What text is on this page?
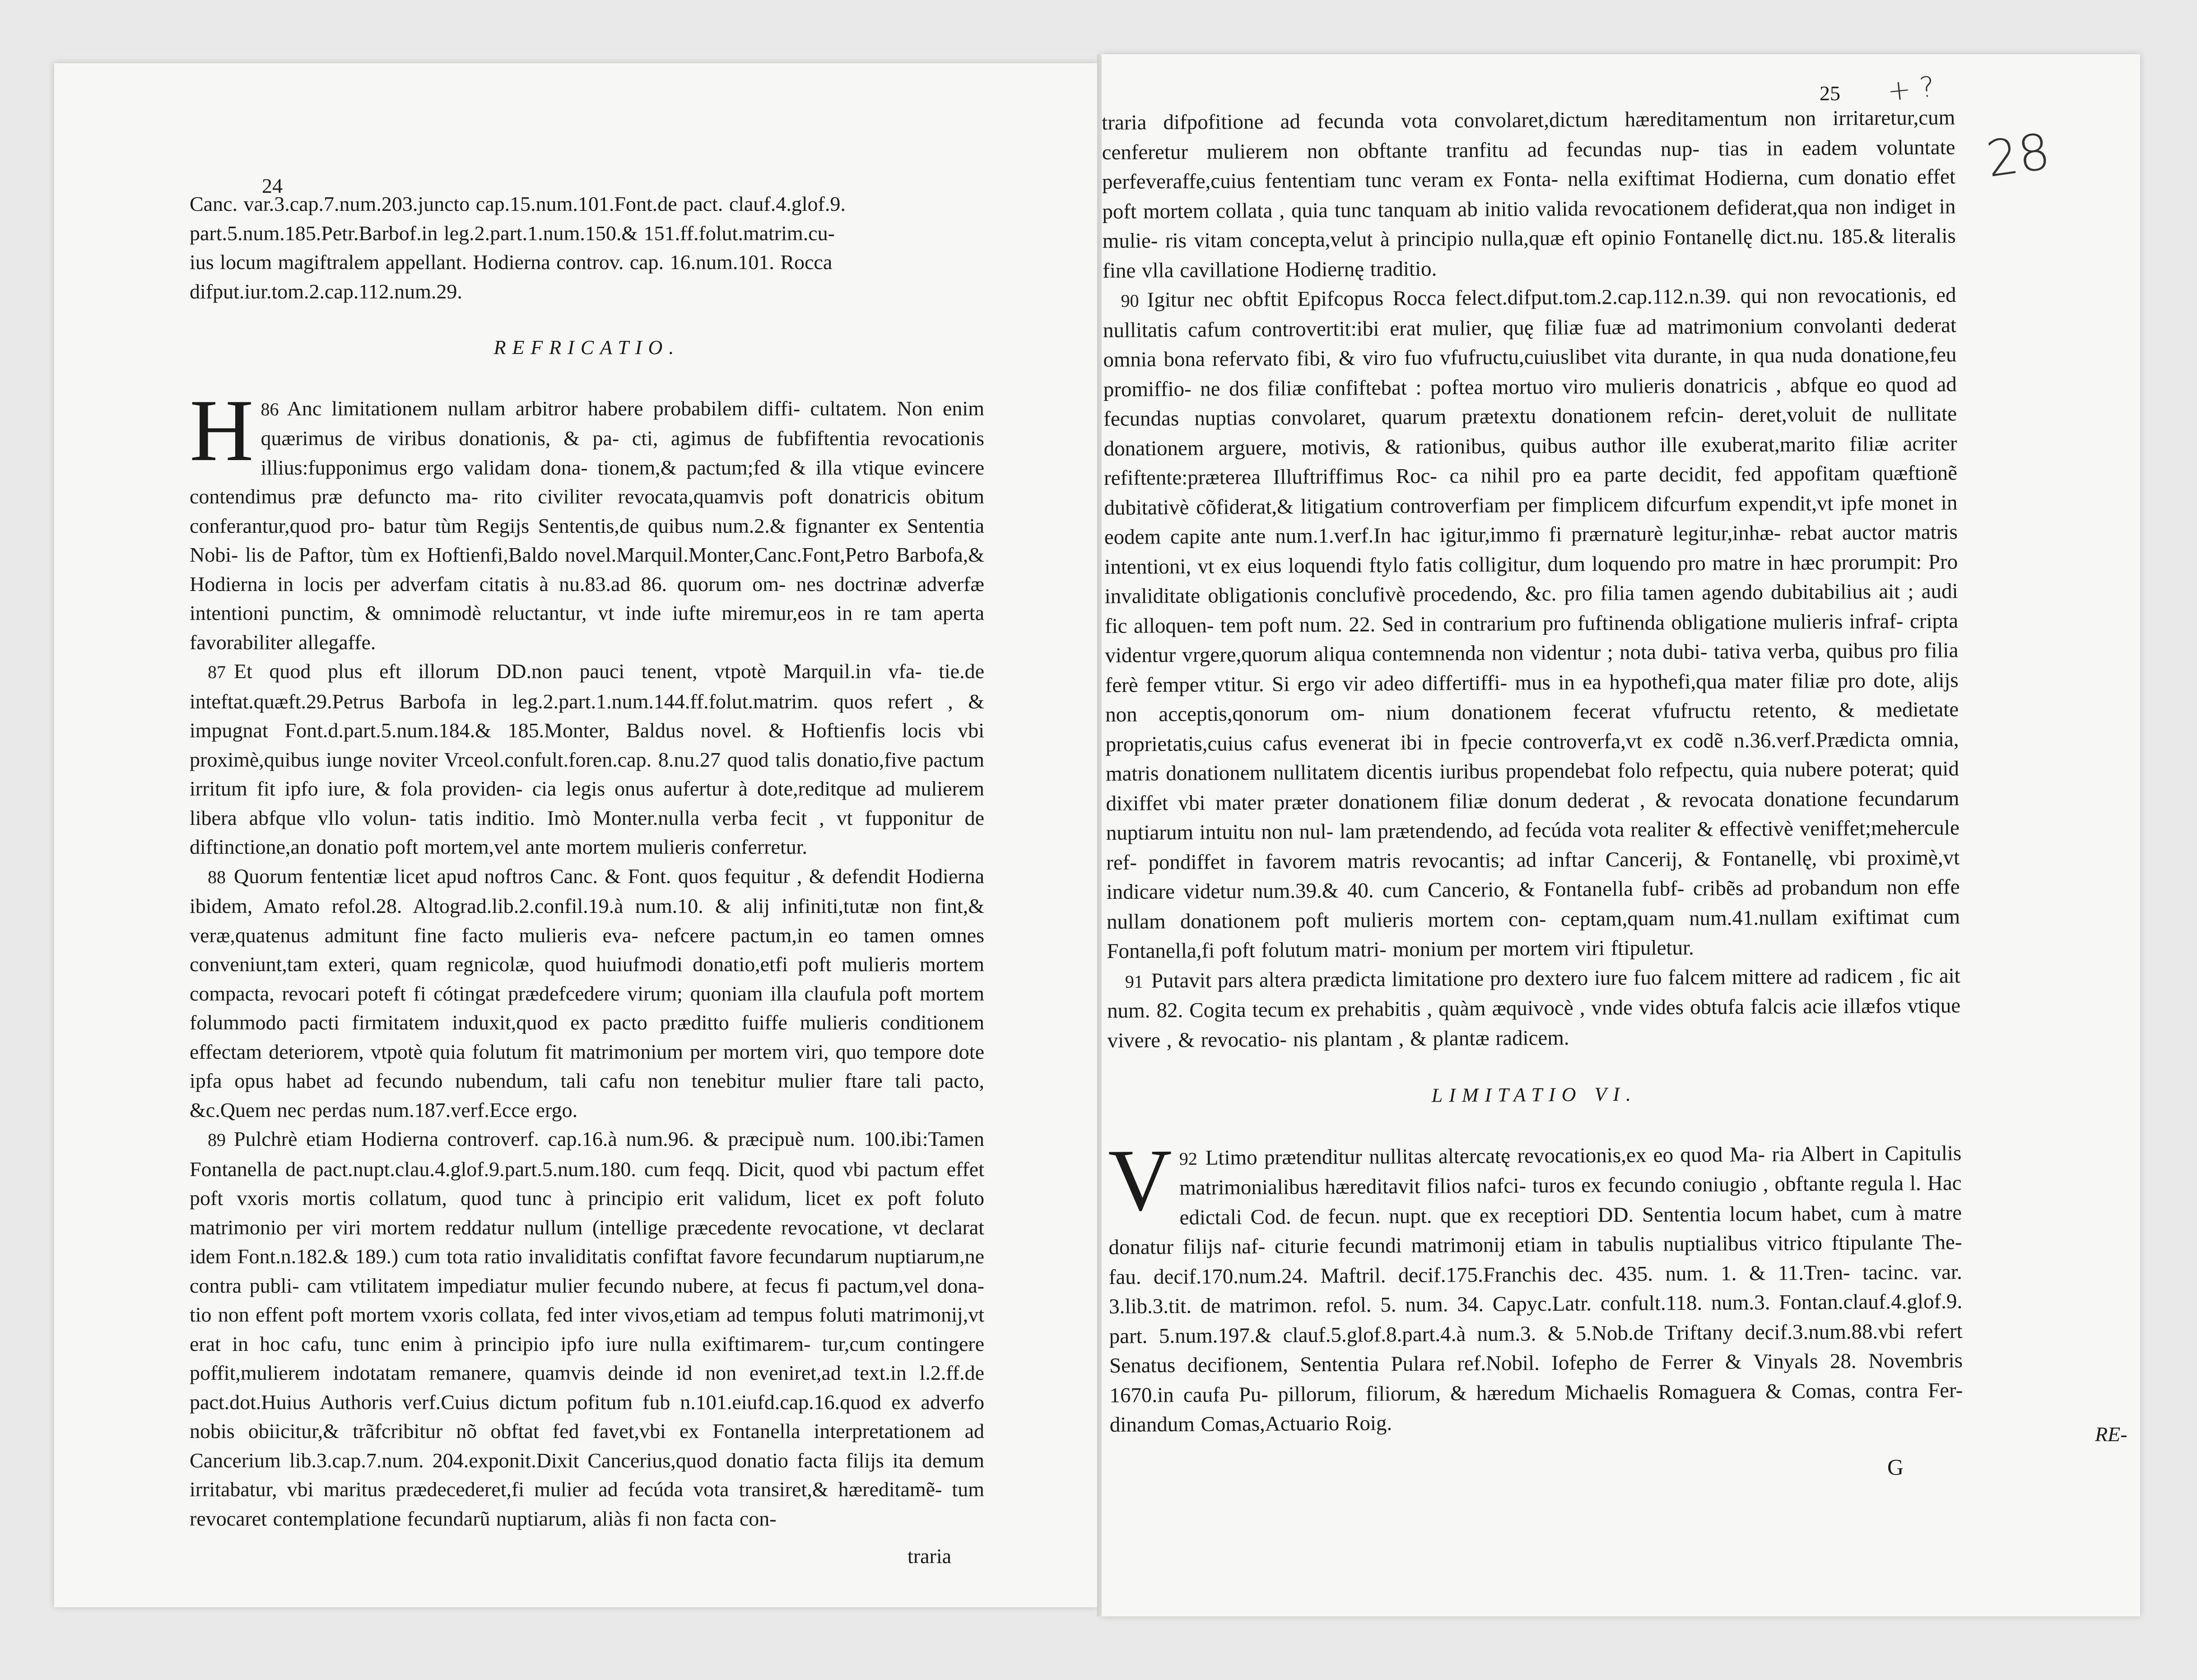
24
25 + ?
28

Canc. var.3.cap.7.num.203.juncto cap.15.num.101.Font.de pact. clauf.4.glof.9.

part.5.num.185.Petr.Barbof.in leg.2.part.1.num.150.& 151.ff.folut.matrim.cu-

ius locum magiftralem appellant. Hodierna controv. cap. 16.num.101. Rocca

difput.iur.tom.2.cap.112.num.29.

REFRICATIO.

86
H Anc limitationem nullam arbitror habere probabilem diffi- cultatem. Non enim quærimus de viribus donationis, & pa- cti, agimus de fubfiftentia revocationis illius:fupponimus ergo validam dona- tionem,& pactum;fed & illa vtique evincere contendimus præ defuncto ma- rito civiliter revocata,quamvis poft donatricis obitum conferantur,quod pro- batur tùm Regijs Sententis,de quibus num.2.& fignanter ex Sententia Nobi- lis de Paftor, tùm ex Hoftienfi,Baldo novel.Marquil.Monter,Canc.Font,Petro Barbofa,& Hodierna in locis per adverfam citatis à nu.83.ad 86. quorum om- nes doctrinæ adverfæ intentioni punctim, & omnimodè reluctantur, vt inde iufte miremur,eos in re tam aperta favorabiliter allegaffe.

87 Et quod plus eft illorum DD.non pauci tenent, vtpotè Marquil.in vfa- tie.de inteftat.quæft.29.Petrus Barbofa in leg.2.part.1.num.144.ff.folut.matrim. quos refert , & impugnat Font.d.part.5.num.184.& 185.Monter, Baldus novel. & Hoftienfis locis vbi proximè,quibus iunge noviter Vrceol.confult.foren.cap. 8.nu.27 quod talis donatio,five pactum irritum fit ipfo iure, & fola providen- cia legis onus aufertur à dote,reditque ad mulierem libera abfque vllo volun- tatis inditio. Imò Monter.nulla verba fecit , vt fupponitur de diftinctione,an donatio poft mortem,vel ante mortem mulieris conferretur.

88 Quorum fententiæ licet apud noftros Canc. & Font. quos fequitur , & defendit Hodierna ibidem, Amato refol.28. Altograd.lib.2.confil.19.à num.10. & alij infiniti,tutæ non fint,& veræ,quatenus admitunt fine facto mulieris eva- nefcere pactum,in eo tamen omnes conveniunt,tam exteri, quam regnicolæ, quod huiufmodi donatio,etfi poft mulieris mortem compacta, revocari poteft fi cótingat prædefcedere virum; quoniam illa claufula poft mortem folummodo pacti firmitatem induxit,quod ex pacto præditto fuiffe mulieris conditionem effectam deteriorem, vtpotè quia folutum fit matrimonium per mortem viri, quo tempore dote ipfa opus habet ad fecundo nubendum, tali cafu non tenebitur mulier ftare tali pacto, &c.Quem nec perdas num.187.verf.Ecce ergo.

89 Pulchrè etiam Hodierna controverf. cap.16.à num.96. & præcipuè num. 100.ibi:Tamen Fontanella de pact.nupt.clau.4.glof.9.part.5.num.180. cum feqq. Dicit, quod vbi pactum effet poft vxoris mortis collatum, quod tunc à principio erit validum, licet ex poft foluto matrimonio per viri mortem reddatur nullum (intellige præcedente revocatione, vt declarat idem Font.n.182.& 189.) cum tota ratio invaliditatis confiftat favore fecundarum nuptiarum,ne contra publi- cam vtilitatem impediatur mulier fecundo nubere, at fecus fi pactum,vel dona- tio non effent poft mortem vxoris collata, fed inter vivos,etiam ad tempus foluti matrimonij,vt erat in hoc cafu, tunc enim à principio ipfo iure nulla exiftimarem- tur,cum contingere poffit,mulierem indotatam remanere, quamvis deinde id non eveniret,ad text.in l.2.ff.de pact.dot.Huius Authoris verf.Cuius dictum pofitum fub n.101.eiufd.cap.16.quod ex adverfo nobis obiicitur,& trãfcribitur nõ obftat fed favet,vbi ex Fontanella interpretationem ad Cancerium lib.3.cap.7.num. 204.exponit.Dixit Cancerius,quod donatio facta filijs ita demum irritabatur, vbi maritus prædecederet,fi mulier ad fecúda vota transiret,& hæreditamẽ- tum revocaret contemplatione fecundarũ nuptiarum, aliàs fi non facta con-

traria

traria difpofitione ad fecunda vota convolaret,dictum hæreditamentum non irritaretur,cum cenferetur mulierem non obftante tranfitu ad fecundas nup- tias in eadem voluntate perfeveraffe,cuius fententiam tunc veram ex Fonta- nella exiftimat Hodierna, cum donatio effet poft mortem collata , quia tunc tanquam ab initio valida revocationem defiderat,qua non indiget in mulie- ris vitam concepta,velut à principio nulla,quæ eft opinio Fontanellę dict.nu. 185.& literalis fine vlla cavillatione Hodiernę traditio.

90 Igitur nec obftit Epifcopus Rocca felect.difput.tom.2.cap.112.n.39. qui non revocationis, ed nullitatis cafum controvertit:ibi erat mulier, quę filiæ fuæ ad matrimonium convolanti dederat omnia bona refervato fibi, & viro fuo vfufructu,cuiuslibet vita durante, in qua nuda donatione,feu promiffio- ne dos filiæ confiftebat : poftea mortuo viro mulieris donatricis , abfque eo quod ad fecundas nuptias convolaret, quarum prætextu donationem refcin- deret,voluit de nullitate donationem arguere, motivis, & rationibus, quibus author ille exuberat,marito filiæ acriter refiftente:præterea Illuftriffimus Roc- ca nihil pro ea parte decidit, fed appofitam quæftionẽ dubitativè cõfiderat,& litigatium controverfiam per fimplicem difcurfum expendit,vt ipfe monet in eodem capite ante num.1.verf.In hac igitur,immo fi prærnaturè legitur,inhæ- rebat auctor matris intentioni, vt ex eius loquendi ftylo fatis colligitur, dum loquendo pro matre in hæc prorumpit: Pro invaliditate obligationis conclufivè procedendo, &c. pro filia tamen agendo dubitabilius ait ; audi fic alloquen- tem poft num. 22. Sed in contrarium pro fuftinenda obligatione mulieris infraf- cripta videntur vrgere,quorum aliqua contemnenda non videntur ; nota dubi- tativa verba, quibus pro filia ferè femper vtitur. Si ergo vir adeo differtiffi- mus in ea hypothefi,qua mater filiæ pro dote, alijs non acceptis,qonorum om- nium donationem fecerat vfufructu retento, & medietate proprietatis,cuius cafus evenerat ibi in fpecie controverfa,vt ex codẽ n.36.verf.Prædicta omnia, matris donationem nullitatem dicentis iuribus propendebat folo refpectu, quia nubere poterat; quid dixiffet vbi mater præter donationem filiæ donum dederat , & revocata donatione fecundarum nuptiarum intuitu non nul- lam prætendendo, ad fecúda vota realiter & effectivè veniffet;mehercule ref- pondiffet in favorem matris revocantis; ad inftar Cancerij, & Fontanellę, vbi proximè,vt indicare videtur num.39.& 40. cum Cancerio, & Fontanella fubf- cribẽs ad probandum non effe nullam donationem poft mulieris mortem con- ceptam,quam num.41.nullam exiftimat cum Fontanella,fi poft folutum matri- monium per mortem viri ftipuletur.

91 Putavit pars altera prædicta limitatione pro dextero iure fuo falcem mittere ad radicem , fic ait num. 82. Cogita tecum ex prehabitis , quàm æquivocè , vnde vides obtufa falcis acie illæfos vtique vivere , & revocatio- nis plantam , & plantæ radicem.

LIMITATIO VI.

92
V Ltimo prætenditur nullitas altercatę revocationis,ex eo quod Ma- ria Albert in Capitulis matrimonialibus hæreditavit filios nafci- turos ex fecundo coniugio , obftante regula l. Hac edictali Cod. de fecun. nupt. que ex receptiori DD. Sententia locum habet, cum à matre donatur filijs naf- citurie fecundi matrimonij etiam in tabulis nuptialibus vitrico ftipulante The- fau. decif.170.num.24. Maftril. decif.175.Franchis dec. 435. num. 1. & 11.Tren- tacinc. var. 3.lib.3.tit. de matrimon. refol. 5. num. 34. Capyc.Latr. confult.118. num.3. Fontan.clauf.4.glof.9. part. 5.num.197.& clauf.5.glof.8.part.4.à num.3. & 5.Nob.de Triftany decif.3.num.88.vbi refert Senatus decifionem, Sententia Pulara ref.Nobil. Iofepho de Ferrer & Vinyals 28. Novembris 1670.in caufa Pu- pillorum, filiorum, & hæredum Michaelis Romaguera & Comas, contra Fer- dinandum Comas,Actuario Roig.

G
RE-
